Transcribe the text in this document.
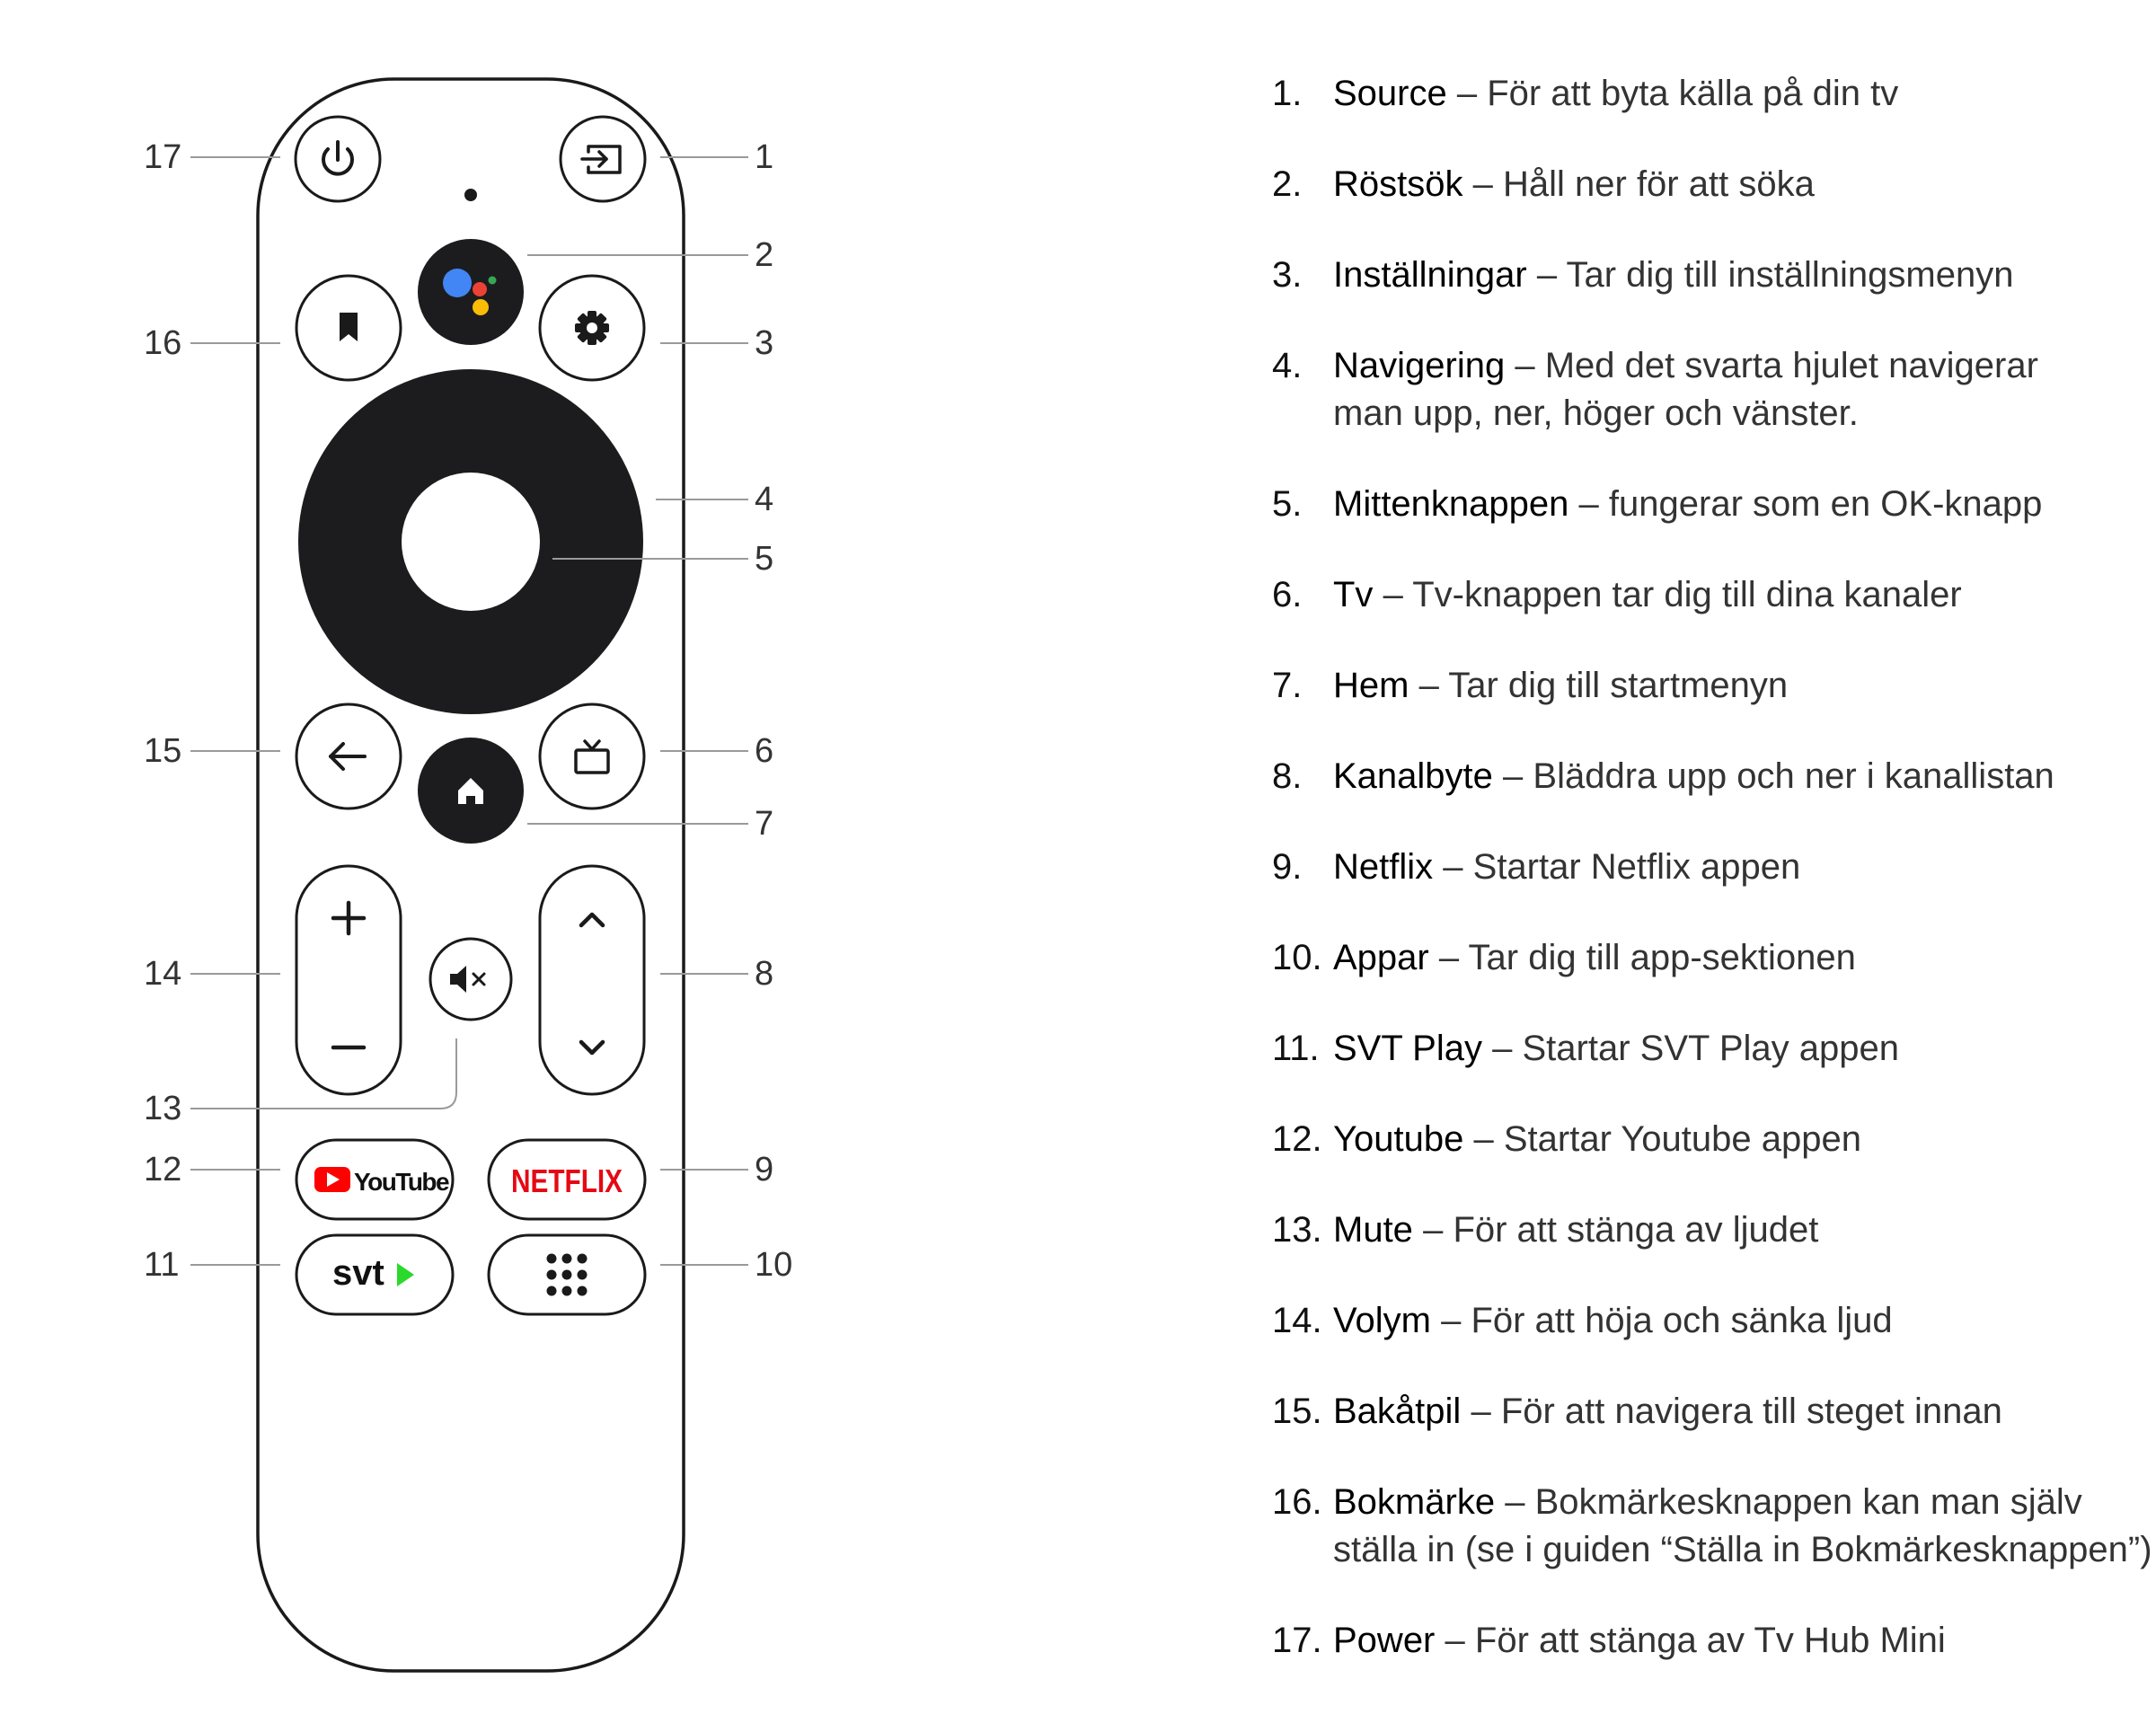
YouTube NETFLIX
svt
1
2
3
4
5
6
7
8
9
10
17
16
15
14
13
12
11
1. Source – För att byta källa på din tv
2. Röstsök – Håll ner för att söka
3. Inställningar – Tar dig till inställningsmenyn
4. Navigering – Med det svarta hjulet navigerar
man upp, ner, höger och vänster.
5. Mittenknappen – fungerar som en OK-knapp
6. Tv – Tv-knappen tar dig till dina kanaler
7. Hem – Tar dig till startmenyn
8. Kanalbyte – Bläddra upp och ner i kanallistan
9. Netflix – Startar Netflix appen
10. Appar – Tar dig till app-sektionen
11. SVT Play – Startar SVT Play appen
12. Youtube – Startar Youtube appen
13. Mute – För att stänga av ljudet
14. Volym – För att höja och sänka ljud
15. Bakåtpil – För att navigera till steget innan
16. Bokmärke – Bokmärkesknappen kan man själv
ställa in (se i guiden “Ställa in Bokmärkesknappen”)
17. Power – För att stänga av Tv Hub Mini
